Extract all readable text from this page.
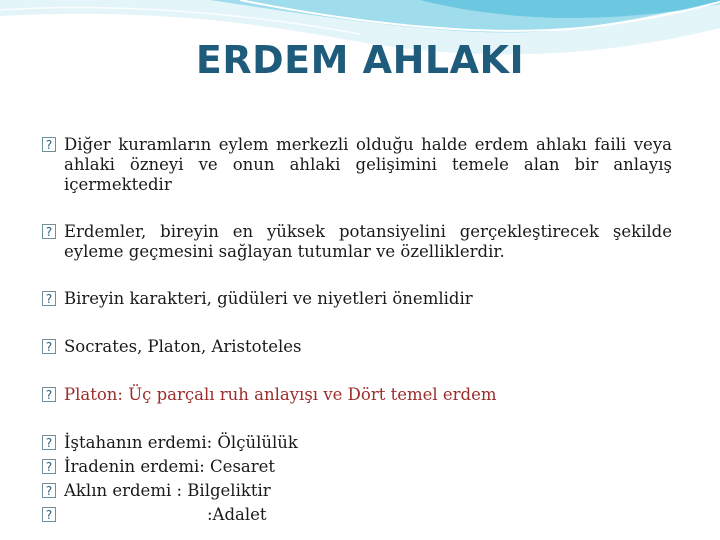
ERDEM AHLAKI
? Diğer kuramların eylem merkezli olduğu halde erdem ahlakı faili veya ahlaki özneyi ve onun ahlaki gelişimini temele alan bir anlayış içermektedir
? Erdemler, bireyin en yüksek potansiyelini gerçekleştirecek şekilde eyleme geçmesini sağlayan tutumlar ve özelliklerdir.
? Bireyin karakteri, güdüleri ve niyetleri önemlidir
? Socrates, Platon, Aristoteles
? Platon: Üç parçalı ruh anlayışı ve Dört temel erdem
? İştahanın erdemi: Ölçülülük
? İradenin erdemi: Cesaret
? Aklın erdemi : Bilgeliktir
?	:Adalet
